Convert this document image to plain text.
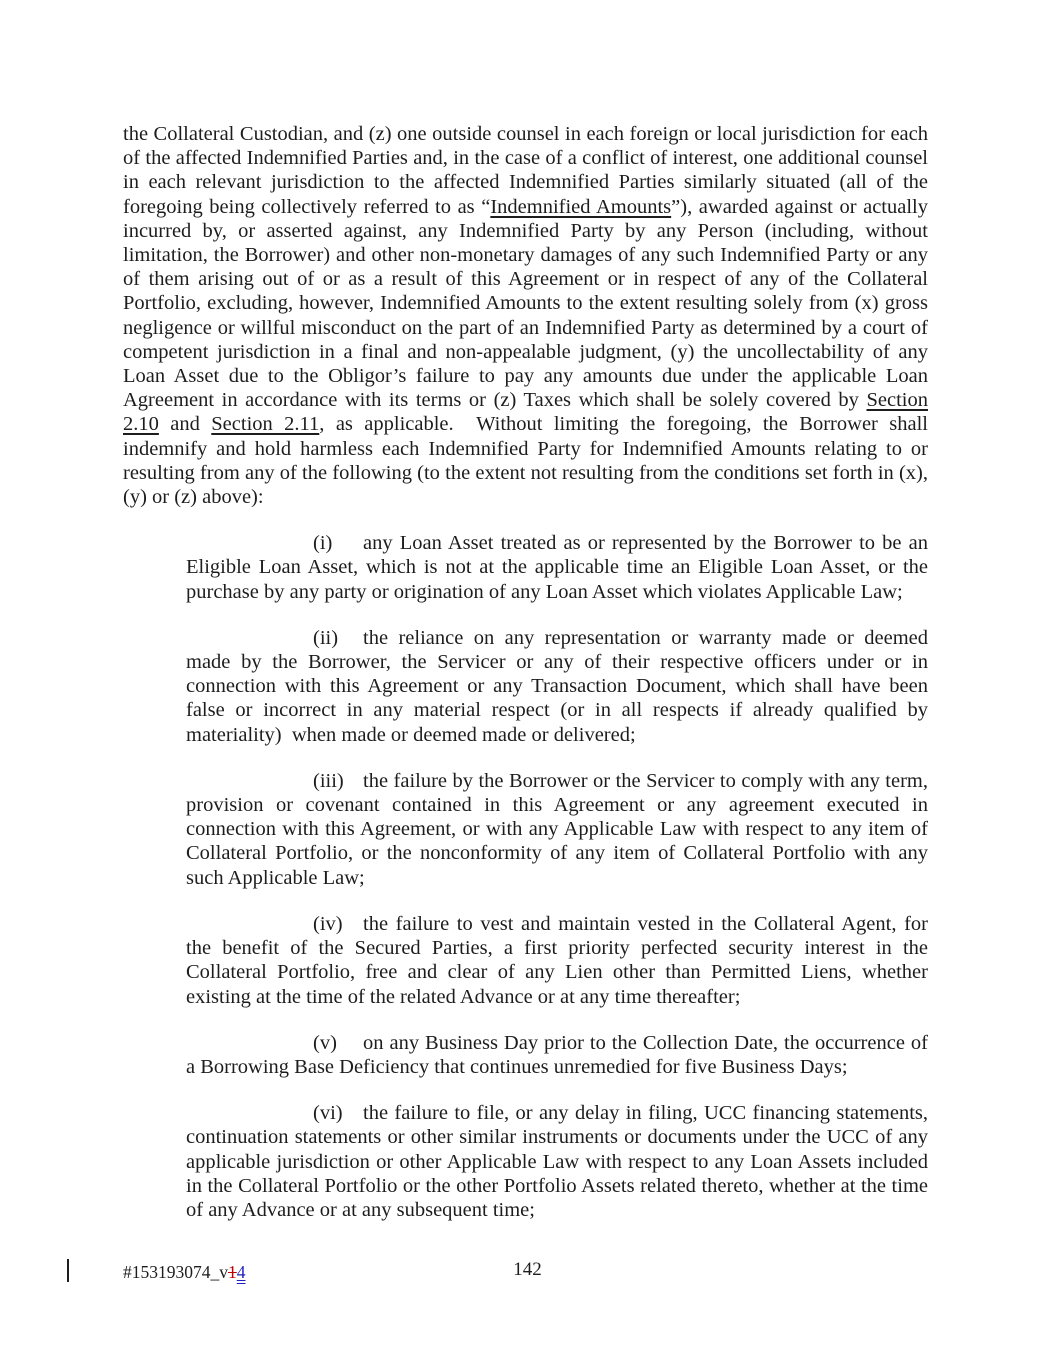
the Collateral Custodian, and (z) one outside counsel in each foreign or local jurisdiction for each of the affected Indemnified Parties and, in the case of a conflict of interest, one additional counsel in each relevant jurisdiction to the affected Indemnified Parties similarly situated (all of the foregoing being collectively referred to as “Indemnified Amounts”), awarded against or actually incurred by, or asserted against, any Indemnified Party by any Person (including, without limitation, the Borrower) and other non-monetary damages of any such Indemnified Party or any of them arising out of or as a result of this Agreement or in respect of any of the Collateral Portfolio, excluding, however, Indemnified Amounts to the extent resulting solely from (x) gross negligence or willful misconduct on the part of an Indemnified Party as determined by a court of competent jurisdiction in a final and non-appealable judgment, (y) the uncollectability of any Loan Asset due to the Obligor’s failure to pay any amounts due under the applicable Loan Agreement in accordance with its terms or (z) Taxes which shall be solely covered by Section 2.10 and Section 2.11, as applicable.  Without limiting the foregoing, the Borrower shall indemnify and hold harmless each Indemnified Party for Indemnified Amounts relating to or resulting from any of the following (to the extent not resulting from the conditions set forth in (x), (y) or (z) above):

(i) any Loan Asset treated as or represented by the Borrower to be an Eligible Loan Asset, which is not at the applicable time an Eligible Loan Asset, or the purchase by any party or origination of any Loan Asset which violates Applicable Law;

(ii) the reliance on any representation or warranty made or deemed made by the Borrower, the Servicer or any of their respective officers under or in connection with this Agreement or any Transaction Document, which shall have been false or incorrect in any material respect (or in all respects if already qualified by materiality)  when made or deemed made or delivered;

(iii) the failure by the Borrower or the Servicer to comply with any term, provision or covenant contained in this Agreement or any agreement executed in connection with this Agreement, or with any Applicable Law with respect to any item of Collateral Portfolio, or the nonconformity of any item of Collateral Portfolio with any such Applicable Law;

(iv) the failure to vest and maintain vested in the Collateral Agent, for the benefit of the Secured Parties, a first priority perfected security interest in the Collateral Portfolio, free and clear of any Lien other than Permitted Liens, whether existing at the time of the related Advance or at any time thereafter;

(v) on any Business Day prior to the Collection Date, the occurrence of a Borrowing Base Deficiency that continues unremedied for five Business Days;

(vi) the failure to file, or any delay in filing, UCC financing statements, continuation statements or other similar instruments or documents under the UCC of any applicable jurisdiction or other Applicable Law with respect to any Loan Assets included in the Collateral Portfolio or the other Portfolio Assets related thereto, whether at the time of any Advance or at any subsequent time;

#153193074_v14	142
